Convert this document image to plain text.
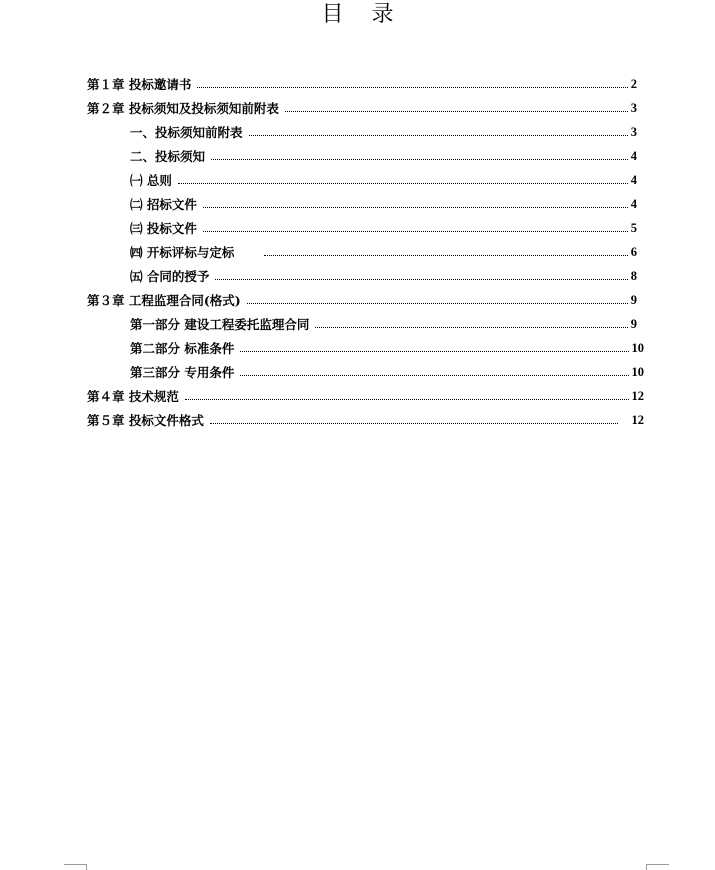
目 录
第１章 投标邀请书	2
第２章 投标须知及投标须知前附表	3
一、投标须知前附表	3
二、投标须知	4
㈠ 总则	4
㈡ 招标文件	4
㈢ 投标文件	5
㈣ 开标评标与定标	6
㈤ 合同的授予	8
第３章 工程监理合同(格式)	9
第一部分 建设工程委托监理合同	9
第二部分 标准条件	10
第三部分 专用条件	10
第４章 技术规范	12
第５章 投标文件格式	12
